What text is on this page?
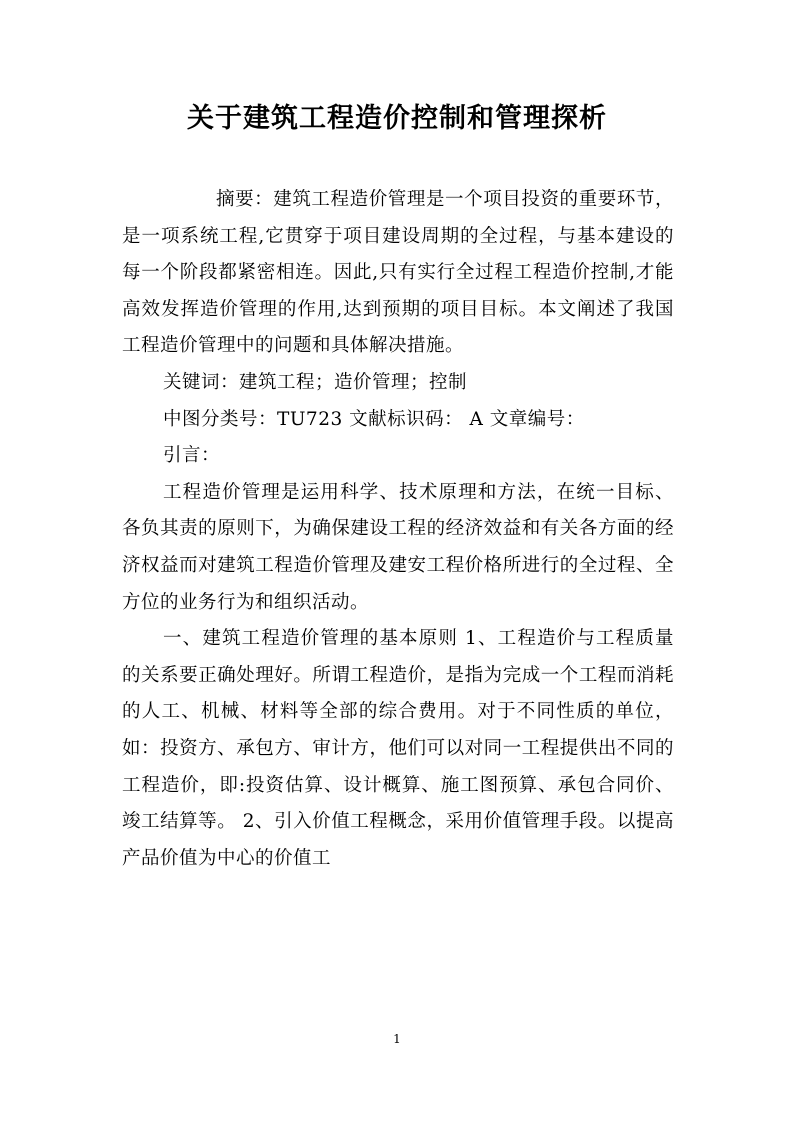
关于建筑工程造价控制和管理探析

摘要：建筑工程造价管理是一个项目投资的重要环节，是一项系统工程,它贯穿于项目建设周期的全过程，与基本建设的每一个阶段都紧密相连。因此,只有实行全过程工程造价控制,才能高效发挥造价管理的作用,达到预期的项目目标。本文阐述了我国工程造价管理中的问题和具体解决措施。

关键词：建筑工程；造价管理；控制

中图分类号：TU723 文献标识码： A 文章编号：

引言：

工程造价管理是运用科学、技术原理和方法，在统一目标、各负其责的原则下，为确保建设工程的经济效益和有关各方面的经济权益而对建筑工程造价管理及建安工程价格所进行的全过程、全方位的业务行为和组织活动。

一、建筑工程造价管理的基本原则 1、工程造价与工程质量的关系要正确处理好。所谓工程造价，是指为完成一个工程而消耗的人工、机械、材料等全部的综合费用。对于不同性质的单位，如：投资方、承包方、审计方，他们可以对同一工程提供出不同的工程造价，即:投资估算、设计概算、施工图预算、承包合同价、竣工结算等。 2、引入价值工程概念，采用价值管理手段。以提高产品价值为中心的价值工

1
